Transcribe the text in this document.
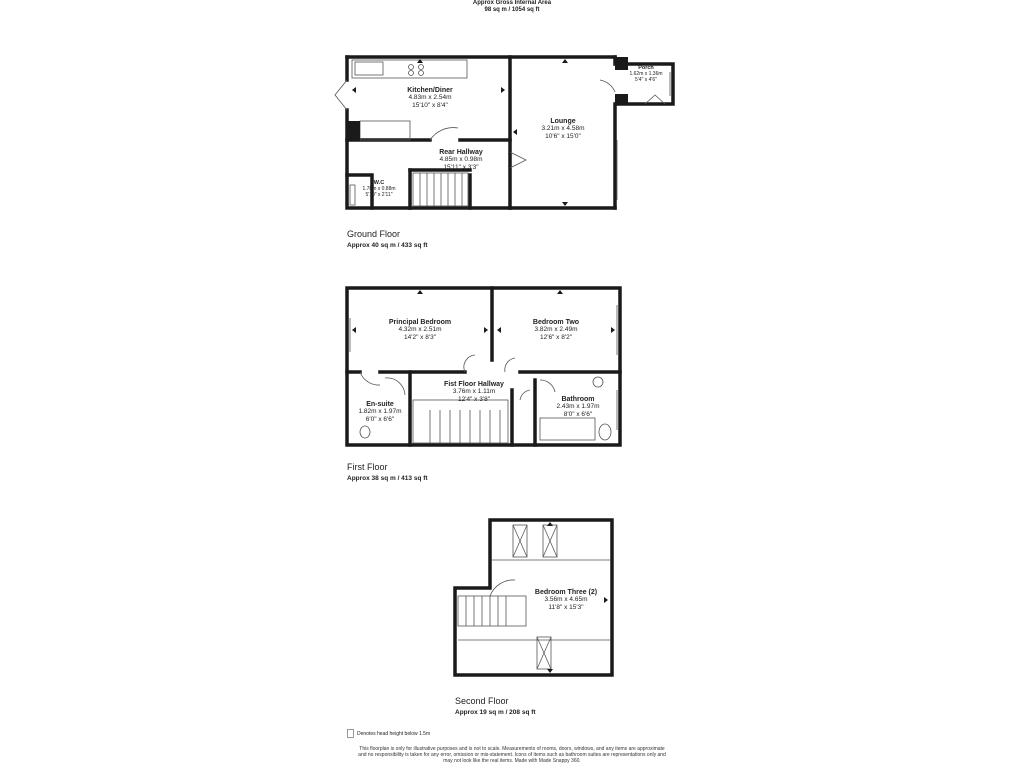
Approx Gross Internal Area
98 sq m / 1054 sq ft
Kitchen/Diner
4.83m x 2.54m
15'10" x 8'4"
Lounge
3.21m x 4.58m
10'6" x 15'0"
Porch
1.62m x 1.36m
5'4" x 4'6"
Rear Hallway
4.85m x 0.98m
15'11" x 3'3"
W.C
1.78m x 0.88m
5'10" x 2'11"
Ground Floor
Approx 40 sq m / 433 sq ft
Principal Bedroom
4.32m x 2.51m
14'2" x 8'3"
Bedroom Two
3.82m x 2.49m
12'6" x 8'2"
Fist Floor Hallway
3.76m x 1.11m
12'4" x 3'8"
En-suite
1.82m x 1.97m
6'0" x 6'6"
Bathroom
2.43m x 1.97m
8'0" x 6'6"
First Floor
Approx 38 sq m / 413 sq ft
Bedroom Three (2)
3.56m x 4.65m
11'8" x 15'3"
Second Floor
Approx 19 sq m / 208 sq ft
Denotes head height below 1.5m
This floorplan is only for illustrative purposes and is not to scale. Measurements of rooms, doors, windows, and any items are approximate
and no responsibility is taken for any error, omission or mis-statement. Icons of items such as bathroom suites are representations only and
may not look like the real items. Made with Made Snappy 360.
